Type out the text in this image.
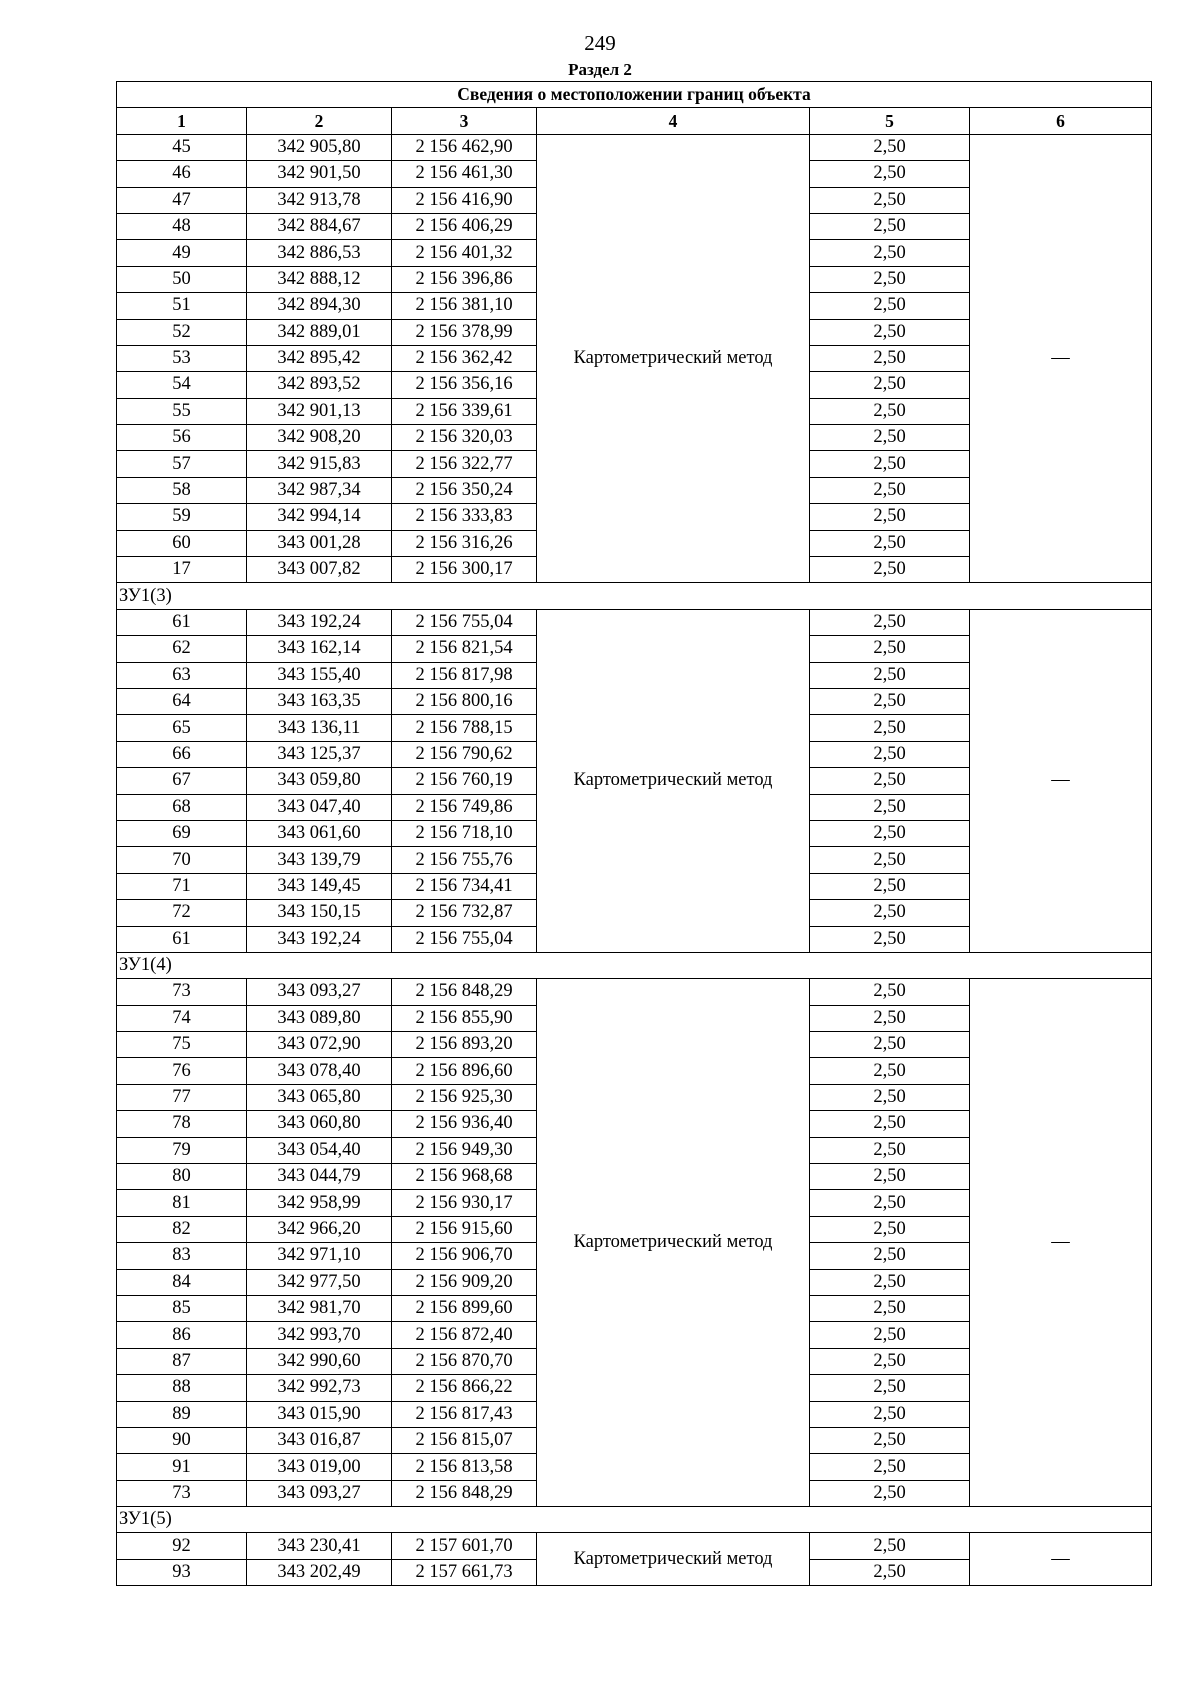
249
Раздел 2
Сведения о местоположении границ объекта					
1	2	3	4	5	6
45	342 905,80	2 156 462,90	Картометрический метод	2,50	—
46	342 901,50	2 156 461,30		2,50	
47	342 913,78	2 156 416,90		2,50	
48	342 884,67	2 156 406,29		2,50	
49	342 886,53	2 156 401,32		2,50	
50	342 888,12	2 156 396,86		2,50	
51	342 894,30	2 156 381,10		2,50	
52	342 889,01	2 156 378,99		2,50	
53	342 895,42	2 156 362,42		2,50	
54	342 893,52	2 156 356,16		2,50	
55	342 901,13	2 156 339,61		2,50	
56	342 908,20	2 156 320,03		2,50	
57	342 915,83	2 156 322,77		2,50	
58	342 987,34	2 156 350,24		2,50	
59	342 994,14	2 156 333,83		2,50	
60	343 001,28	2 156 316,26		2,50	
17	343 007,82	2 156 300,17		2,50	
ЗУ1(3)					
61	343 192,24	2 156 755,04	Картометрический метод	2,50	—
62	343 162,14	2 156 821,54		2,50	
63	343 155,40	2 156 817,98		2,50	
64	343 163,35	2 156 800,16		2,50	
65	343 136,11	2 156 788,15		2,50	
66	343 125,37	2 156 790,62		2,50	
67	343 059,80	2 156 760,19		2,50	
68	343 047,40	2 156 749,86		2,50	
69	343 061,60	2 156 718,10		2,50	
70	343 139,79	2 156 755,76		2,50	
71	343 149,45	2 156 734,41		2,50	
72	343 150,15	2 156 732,87		2,50	
61	343 192,24	2 156 755,04		2,50	
ЗУ1(4)					
73	343 093,27	2 156 848,29	Картометрический метод	2,50	—
74	343 089,80	2 156 855,90		2,50	
75	343 072,90	2 156 893,20		2,50	
76	343 078,40	2 156 896,60		2,50	
77	343 065,80	2 156 925,30		2,50	
78	343 060,80	2 156 936,40		2,50	
79	343 054,40	2 156 949,30		2,50	
80	343 044,79	2 156 968,68		2,50	
81	342 958,99	2 156 930,17		2,50	
82	342 966,20	2 156 915,60		2,50	
83	342 971,10	2 156 906,70		2,50	
84	342 977,50	2 156 909,20		2,50	
85	342 981,70	2 156 899,60		2,50	
86	342 993,70	2 156 872,40		2,50	
87	342 990,60	2 156 870,70		2,50	
88	342 992,73	2 156 866,22		2,50	
89	343 015,90	2 156 817,43		2,50	
90	343 016,87	2 156 815,07		2,50	
91	343 019,00	2 156 813,58		2,50	
73	343 093,27	2 156 848,29		2,50	
ЗУ1(5)					
92	343 230,41	2 157 601,70	Картометрический метод	2,50	—
93	343 202,49	2 157 661,73		2,50	
